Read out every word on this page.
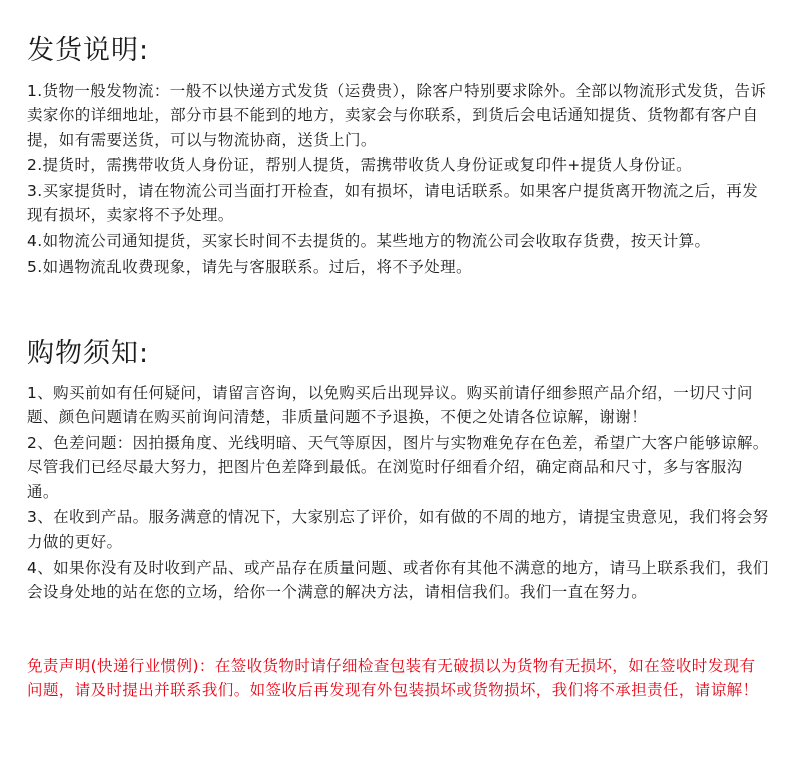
发货说明:

1.货物一般发物流：一般不以快递方式发货（运费贵），除客户特别要求除外。全部以物流形式发货，告诉卖家你的详细地址，部分市县不能到的地方，卖家会与你联系，到货后会电话通知提货、货物都有客户自提，如有需要送货，可以与物流协商，送货上门。

2.提货时，需携带收货人身份证，帮别人提货，需携带收货人身份证或复印件+提货人身份证。

3.买家提货时，请在物流公司当面打开检查，如有损坏，请电话联系。如果客户提货离开物流之后，再发现有损坏，卖家将不予处理。

4.如物流公司通知提货，买家长时间不去提货的。某些地方的物流公司会收取存货费，按天计算。

5.如遇物流乱收费现象，请先与客服联系。过后，将不予处理。

购物须知:

1、购买前如有任何疑问，请留言咨询，以免购买后出现异议。购买前请仔细参照产品介绍，一切尺寸问题、颜色问题请在购买前询问清楚，非质量问题不予退换，不便之处请各位谅解，谢谢！

2、色差问题：因拍摄角度、光线明暗、天气等原因，图片与实物难免存在色差，希望广大客户能够谅解。尽管我们已经尽最大努力，把图片色差降到最低。在浏览时仔细看介绍，确定商品和尺寸，多与客服沟通。

3、在收到产品。服务满意的情况下，大家别忘了评价，如有做的不周的地方，请提宝贵意见，我们将会努力做的更好。

4、如果你没有及时收到产品、或产品存在质量问题、或者你有其他不满意的地方，请马上联系我们，我们会设身处地的站在您的立场，给你一个满意的解决方法，请相信我们。我们一直在努力。

免责声明(快递行业惯例)：在签收货物时请仔细检查包装有无破损以为货物有无损坏，如在签收时发现有问题，请及时提出并联系我们。如签收后再发现有外包装损坏或货物损坏，我们将不承担责任，请谅解！
